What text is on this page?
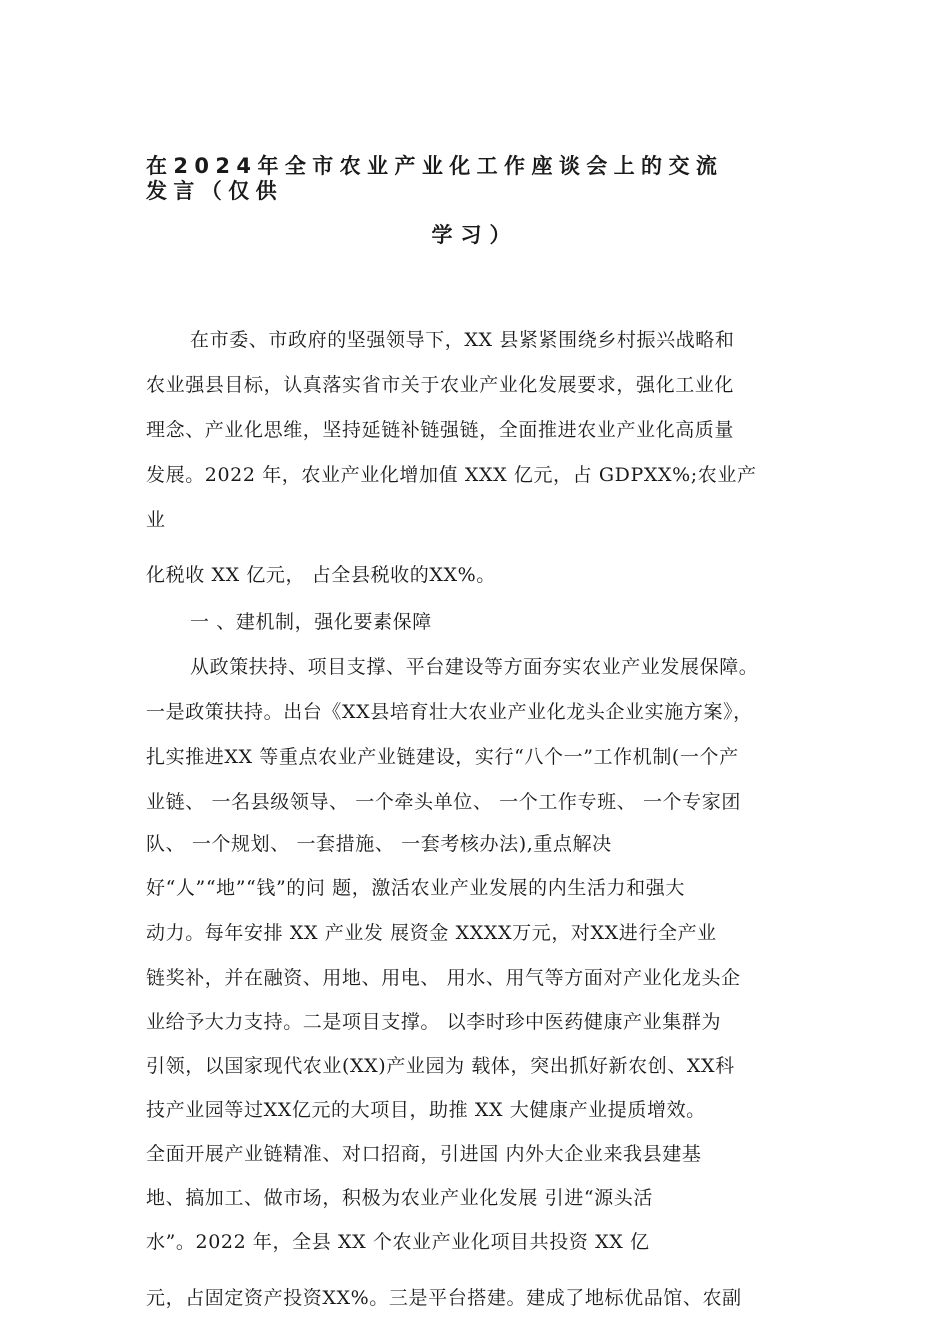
在2024年全市农业产业化工作座谈会上的交流
发言（仅供
学习）
在市委、市政府的坚强领导下，XX 县紧紧围绕乡村振兴战略和
农业强县目标，认真落实省市关于农业产业化发展要求，强化工业化
理念、产业化思维，坚持延链补链强链，全面推进农业产业化高质量
发展。2022 年，农业产业化增加值 XXX 亿元，占 GDPXX%;农业产
业
化税收 XX 亿元， 占全县税收的XX%。
一 、建机制，强化要素保障
从政策扶持、项目支撑、平台建设等方面夯实农业产业发展保障。
一是政策扶持。出台《XX县培育壮大农业产业化龙头企业实施方案》，
扎实推进XX 等重点农业产业链建设，实行“八个一”工作机制(一个产
业链、 一名县级领导、 一个牵头单位、 一个工作专班、 一个专家团
队、 一个规划、 一套措施、 一套考核办法),重点解决
好“人”“地”“钱”的问 题，激活农业产业发展的内生活力和强大
动力。每年安排 XX 产业发 展资金 XXXX万元，对XX进行全产业
链奖补，并在融资、用地、用电、 用水、用气等方面对产业化龙头企
业给予大力支持。二是项目支撑。 以李时珍中医药健康产业集群为
引领，以国家现代农业(XX)产业园为 载体，突出抓好新农创、XX科
技产业园等过XX亿元的大项目，助推 XX 大健康产业提质增效。
全面开展产业链精准、对口招商，引进国 内外大企业来我县建基
地、搞加工、做市场，积极为农业产业化发展 引进“源头活
水”。2022 年，全县 XX 个农业产业化项目共投资 XX 亿
元，占固定资产投资XX%。三是平台搭建。建成了地标优品馆、农副
